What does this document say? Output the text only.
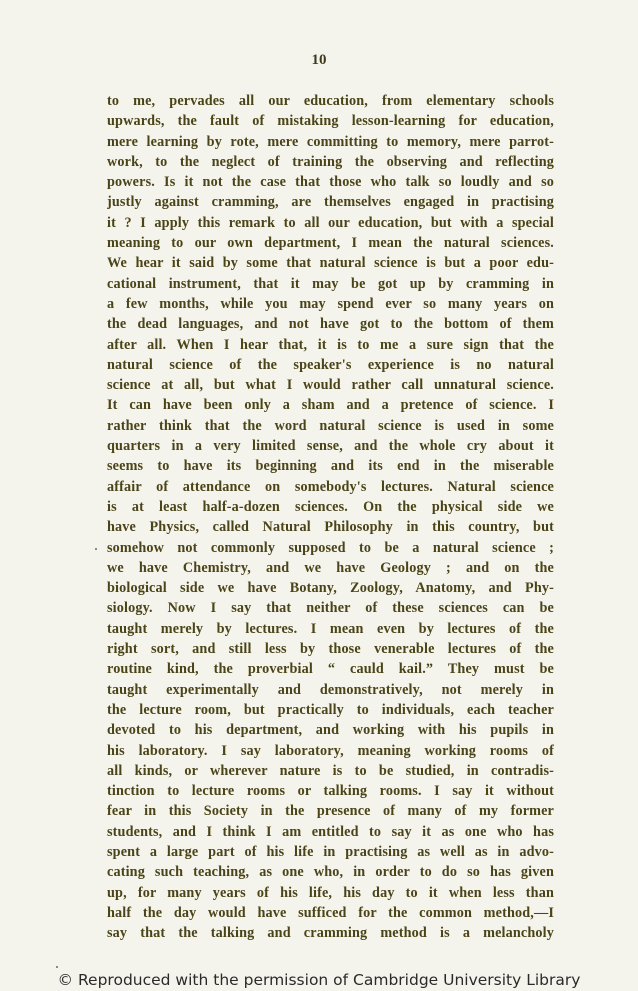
10
to me, pervades all our education, from elementary schools
upwards, the fault of mistaking lesson-learning for education,
mere learning by rote, mere committing to memory, mere parrot-
work, to the neglect of training the observing and reflecting
powers. Is it not the case that those who talk so loudly and so
justly against cramming, are themselves engaged in practising
it ? I apply this remark to all our education, but with a special
meaning to our own department, I mean the natural sciences.
We hear it said by some that natural science is but a poor edu-
cational instrument, that it may be got up by cramming in
a few months, while you may spend ever so many years on
the dead languages, and not have got to the bottom of them
after all. When I hear that, it is to me a sure sign that the
natural science of the speaker's experience is no natural
science at all, but what I would rather call unnatural science.
It can have been only a sham and a pretence of science. I
rather think that the word natural science is used in some
quarters in a very limited sense, and the whole cry about it
seems to have its beginning and its end in the miserable
affair of attendance on somebody's lectures. Natural science
is at least half-a-dozen sciences. On the physical side we
have Physics, called Natural Philosophy in this country, but
somehow not commonly supposed to be a natural science ;
we have Chemistry, and we have Geology ; and on the
biological side we have Botany, Zoology, Anatomy, and Phy-
siology. Now I say that neither of these sciences can be
taught merely by lectures. I mean even by lectures of the
right sort, and still less by those venerable lectures of the
routine kind, the proverbial “ cauld kail.” They must be
taught experimentally and demonstratively, not merely in
the lecture room, but practically to individuals, each teacher
devoted to his department, and working with his pupils in
his laboratory. I say laboratory, meaning working rooms of
all kinds, or wherever nature is to be studied, in contradis-
tinction to lecture rooms or talking rooms. I say it without
fear in this Society in the presence of many of my former
students, and I think I am entitled to say it as one who has
spent a large part of his life in practising as well as in advo-
cating such teaching, as one who, in order to do so has given
up, for many years of his life, his day to it when less than
half the day would have sufficed for the common method,—I
say that the talking and cramming method is a melancholy
© Reproduced with the permission of Cambridge University Library
